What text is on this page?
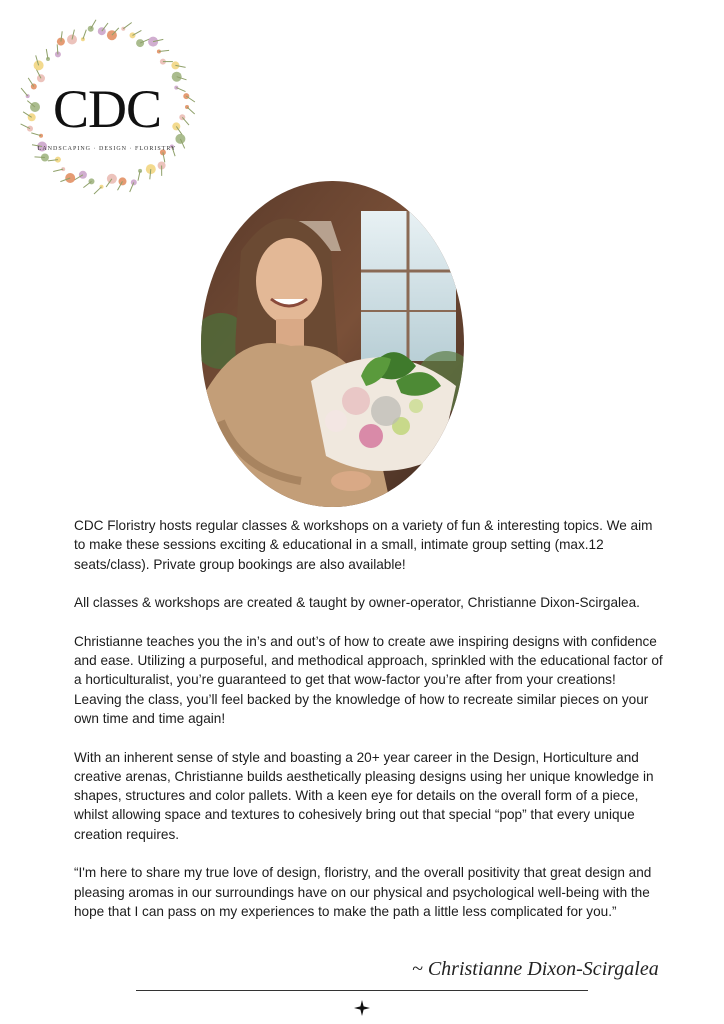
CDC
LANDSCAPING · DESIGN · FLORISTRY

CDC Floristry hosts regular classes & workshops on a variety of fun & interesting topics. We aim to make these sessions exciting & educational in a small, intimate group setting (max.12 seats/class). Private group bookings are also available!

All classes & workshops are created & taught by owner-operator, Christianne Dixon-Scirgalea.

Christianne teaches you the in’s and out’s of how to create awe inspiring designs with confidence and ease. Utilizing a purposeful, and methodical approach, sprinkled with the educational factor of a horticulturalist, you’re guaranteed to get that wow-factor you’re after from your creations! Leaving the class, you’ll feel backed by the knowledge of how to recreate similar pieces on your own time and time again!

With an inherent sense of style and boasting a 20+ year career in the Design, Horticulture and creative arenas, Christianne builds aesthetically pleasing designs using her unique knowledge in shapes, structures and color pallets. With a keen eye for details on the overall form of a piece, whilst allowing space and textures to cohesively bring out that special “pop” that every unique creation requires.

“I'm here to share my true love of design, floristry, and the overall positivity that great design and pleasing aromas in our surroundings have on our physical and psychological well-being with the hope that I can pass on my experiences to make the path a little less complicated for you.”

~ Christianne Dixon-Scirgalea
